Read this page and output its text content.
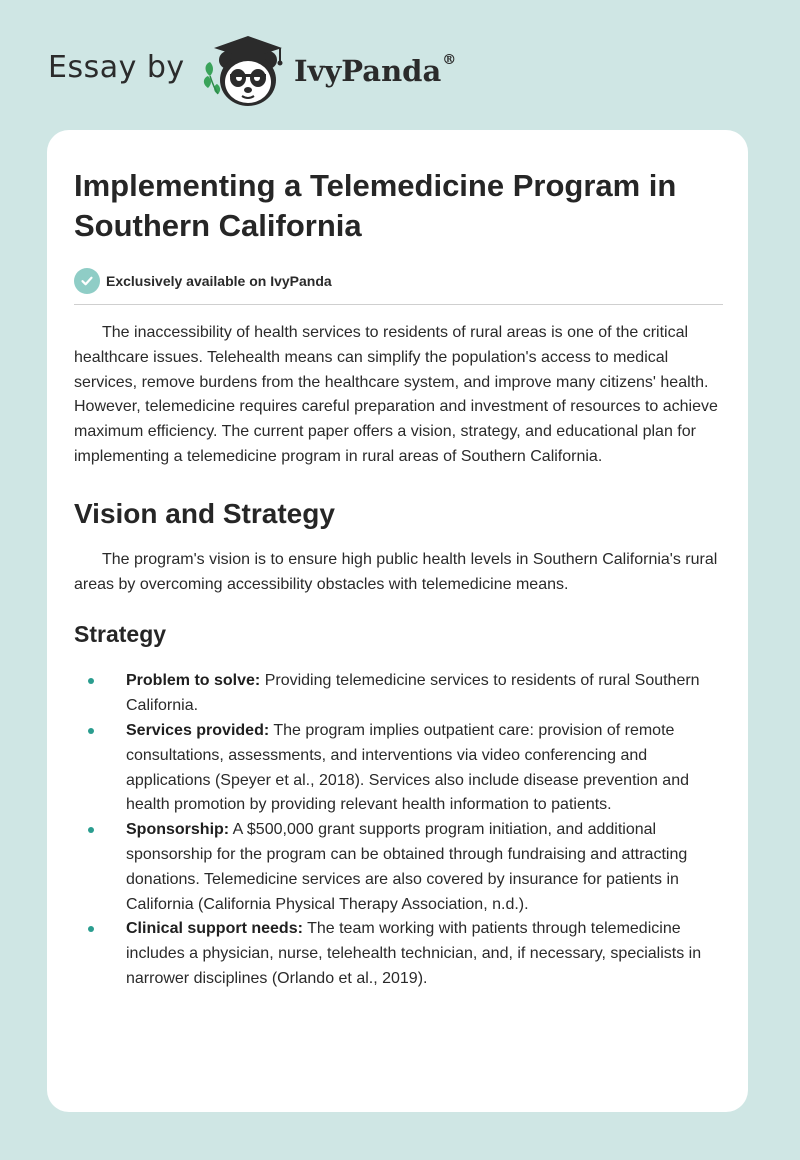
Essay by	IvyPanda®
Implementing a Telemedicine Program in Southern California
Exclusively available on IvyPanda

The inaccessibility of health services to residents of rural areas is one of the critical healthcare issues. Telehealth means can simplify the population's access to medical services, remove burdens from the healthcare system, and improve many citizens' health. However, telemedicine requires careful preparation and investment of resources to achieve maximum efficiency. The current paper offers a vision, strategy, and educational plan for implementing a telemedicine program in rural areas of Southern California.

Vision and Strategy

The program's vision is to ensure high public health levels in Southern California's rural areas by overcoming accessibility obstacles with telemedicine means.

Strategy
Problem to solve: Providing telemedicine services to residents of rural Southern California.
Services provided: The program implies outpatient care: provision of remote consultations, assessments, and interventions via video conferencing and applications (Speyer et al., 2018). Services also include disease prevention and health promotion by providing relevant health information to patients.
Sponsorship: A $500,000 grant supports program initiation, and additional sponsorship for the program can be obtained through fundraising and attracting donations. Telemedicine services are also covered by insurance for patients in California (California Physical Therapy Association, n.d.).
Clinical support needs: The team working with patients through telemedicine includes a physician, nurse, telehealth technician, and, if necessary, specialists in narrower disciplines (Orlando et al., 2019).
